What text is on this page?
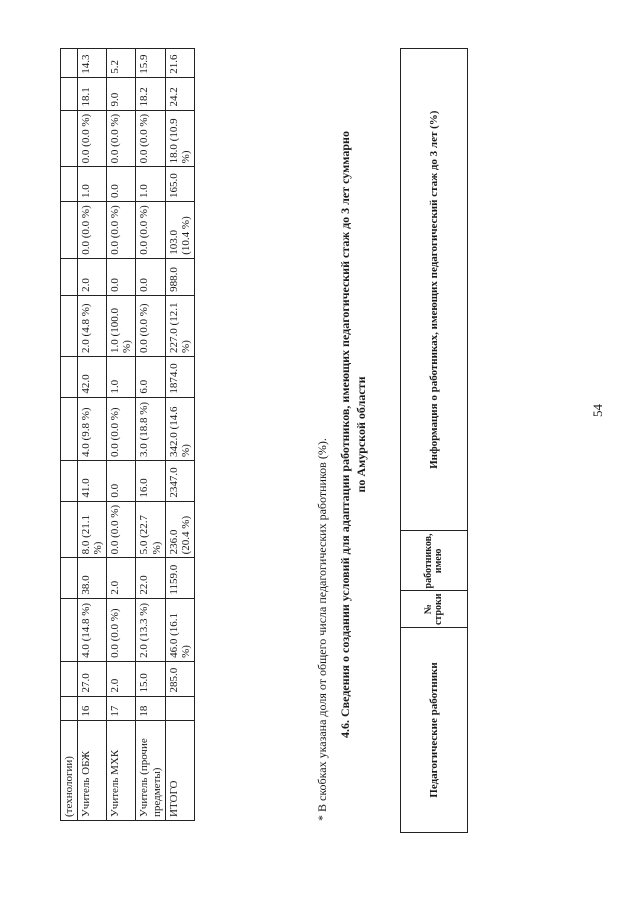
54
(технологии)															
Учитель ОБЖ	16	27.0	4.0 (14.8 %)	38.0	8.0 (21.1 %)	41.0	4.0 (9.8 %)	42.0	2.0 (4.8 %)	2.0	0.0 (0.0 %)	1.0	0.0 (0.0 %)	18.1	14.3
Учитель МХК	17	2.0	0.0 (0.0 %)	2.0	0.0 (0.0 %)	0.0	0.0 (0.0 %)	1.0	1.0 (100.0 %)	0.0	0.0 (0.0 %)	0.0	0.0 (0.0 %)	9.0	5.2
Учитель (прочие предметы)	18	15.0	2.0 (13.3 %)	22.0	5.0 (22.7 %)	16.0	3.0 (18.8 %)	6.0	0.0 (0.0 %)	0.0	0.0 (0.0 %)	1.0	0.0 (0.0 %)	18.2	15.9
ИТОГО		285.0	46.0 (16.1 %)	1159.0	236.0 (20.4 %)	2347.0	342.0 (14.6 %)	1874.0	227.0 (12.1 %)	988.0	103.0 (10.4 %)	165.0	18.0 (10.9 %)	24.2	21.6
* В скобках указана доля от общего числа педагогических работников (%). 4.6. Сведения о создании условий для адаптации работников, имеющих педагогический стаж до 3 лет суммарно по Амурской области
Педагогические работники	№ строки	работников, имею	Информация о работниках, имеющих педагогический стаж до 3 лет (%)
